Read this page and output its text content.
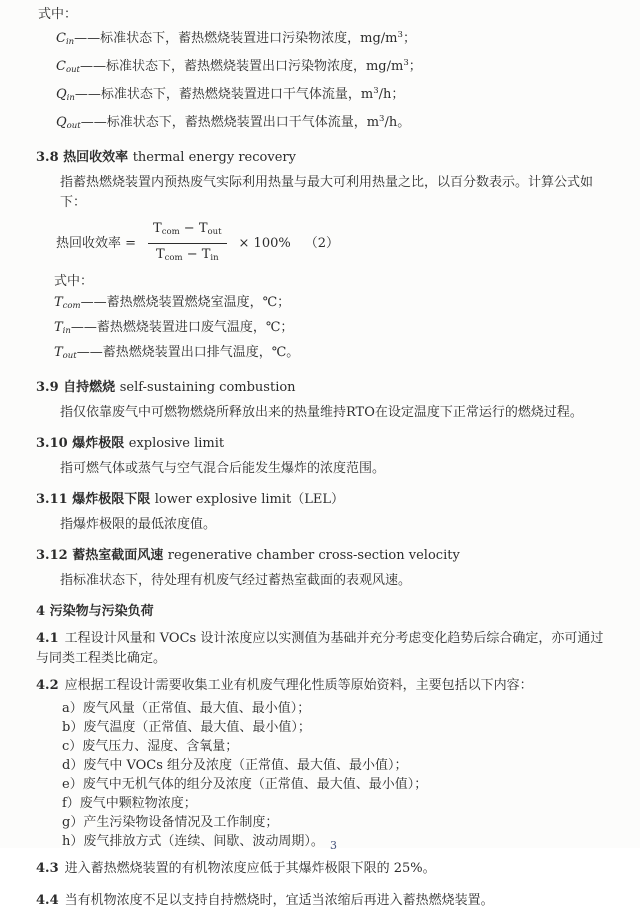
式中：
$C_{in}——$标准状态下，蓄热燃烧装置进口污染物浓度，$mg/m^3$；
$C_{out}——$标准状态下，蓄热燃烧装置出口污染物浓度，$mg/m^3$；
$Q_{in}——$标准状态下，蓄热燃烧装置进口干气体流量，$m^3/h$；
$Q_{out}——$标准状态下，蓄热燃烧装置出口干气体流量，$m^3/h$。
3.8 热回收效率 thermal energy recovery
指蓄热燃烧装置内预热废气实际利用热量与最大可利用热量之比，以百分数表示。计算公式如下：
热回收效率 = $\frac{T_{com} - T_{out}}{T_{com} - T_{in}} \times 100\%$ （2）
式中：
$T_{com}——$蓄热燃烧装置燃烧室温度，℃；
$T_{in}——$蓄热燃烧装置进口废气温度，℃；
$T_{out}——$蓄热燃烧装置出口排气温度，℃。
3.9 自持燃烧 self-sustaining combustion
指仅依靠废气中可燃物燃烧所释放出来的热量维持RTO在设定温度下正常运行的燃烧过程。
3.10 爆炸极限 explosive limit
指可燃气体或蒸气与空气混合后能发生爆炸的浓度范围。
3.11 爆炸极限下限 lower explosive limit（LEL）
指爆炸极限的最低浓度值。
3.12 蓄热室截面风速 regenerative chamber cross-section velocity
指标准状态下，待处理有机废气经过蓄热室截面的表观风速。
4 污染物与污染负荷
4.1 工程设计风量和 VOCs 设计浓度应以实测值为基础并充分考虑变化趋势后综合确定，亦可通过与同类工程类比确定。
4.2 应根据工程设计需要收集工业有机废气理化性质等原始资料，主要包括以下内容：
a）废气风量（正常值、最大值、最小值）；
b）废气温度（正常值、最大值、最小值）；
c）废气压力、湿度、含氧量；
d）废气中 VOCs 组分及浓度（正常值、最大值、最小值）；
e）废气中无机气体的组分及浓度（正常值、最大值、最小值）；
f）废气中颗粒物浓度；
g）产生污染物设备情况及工作制度；
h）废气排放方式（连续、间歇、波动周期）。
4.3 进入蓄热燃烧装置的有机物浓度应低于其爆炸极限下限的 25%。
4.4 当有机物浓度不足以支持自持燃烧时，宜适当浓缩后再进入蓄热燃烧装置。
3
